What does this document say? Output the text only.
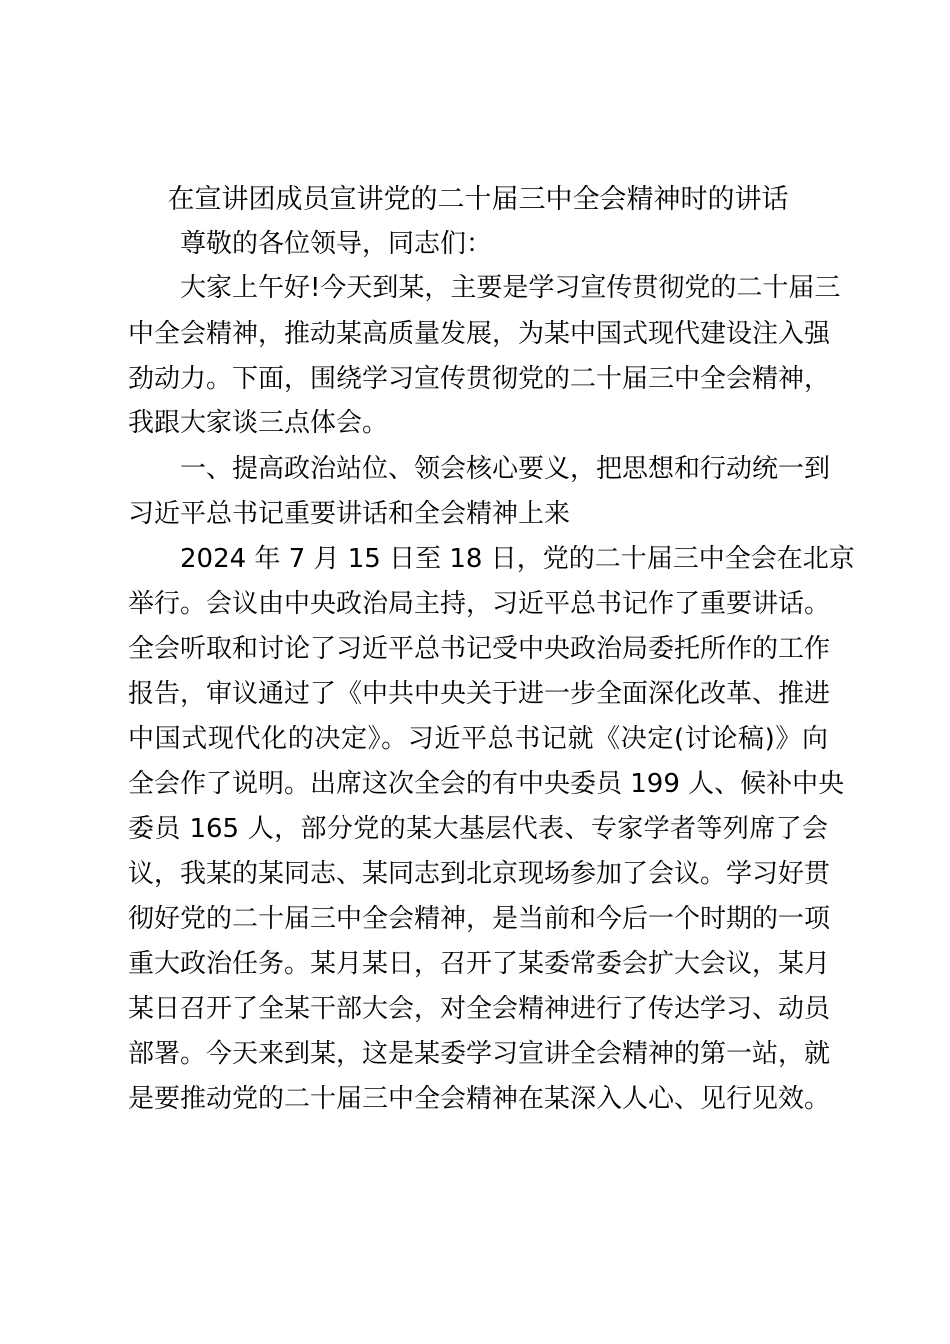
在宣讲团成员宣讲党的二十届三中全会精神时的讲话
尊敬的各位领导，同志们：
大家上午好!今天到某，主要是学习宣传贯彻党的二十届三
中全会精神，推动某高质量发展，为某中国式现代建设注入强
劲动力。下面，围绕学习宣传贯彻党的二十届三中全会精神，
我跟大家谈三点体会。
一、提高政治站位、领会核心要义，把思想和行动统一到
习近平总书记重要讲话和全会精神上来
2024 年 7 月 15 日至 18 日，党的二十届三中全会在北京
举行。会议由中央政治局主持，习近平总书记作了重要讲话。
全会听取和讨论了习近平总书记受中央政治局委托所作的工作
报告，审议通过了《中共中央关于进一步全面深化改革、推进
中国式现代化的决定》。习近平总书记就《决定(讨论稿)》向
全会作了说明。出席这次全会的有中央委员 199 人、候补中央
委员 165 人，部分党的某大基层代表、专家学者等列席了会
议，我某的某同志、某同志到北京现场参加了会议。学习好贯
彻好党的二十届三中全会精神，是当前和今后一个时期的一项
重大政治任务。某月某日，召开了某委常委会扩大会议，某月
某日召开了全某干部大会，对全会精神进行了传达学习、动员
部署。今天来到某，这是某委学习宣讲全会精神的第一站，就
是要推动党的二十届三中全会精神在某深入人心、见行见效。
